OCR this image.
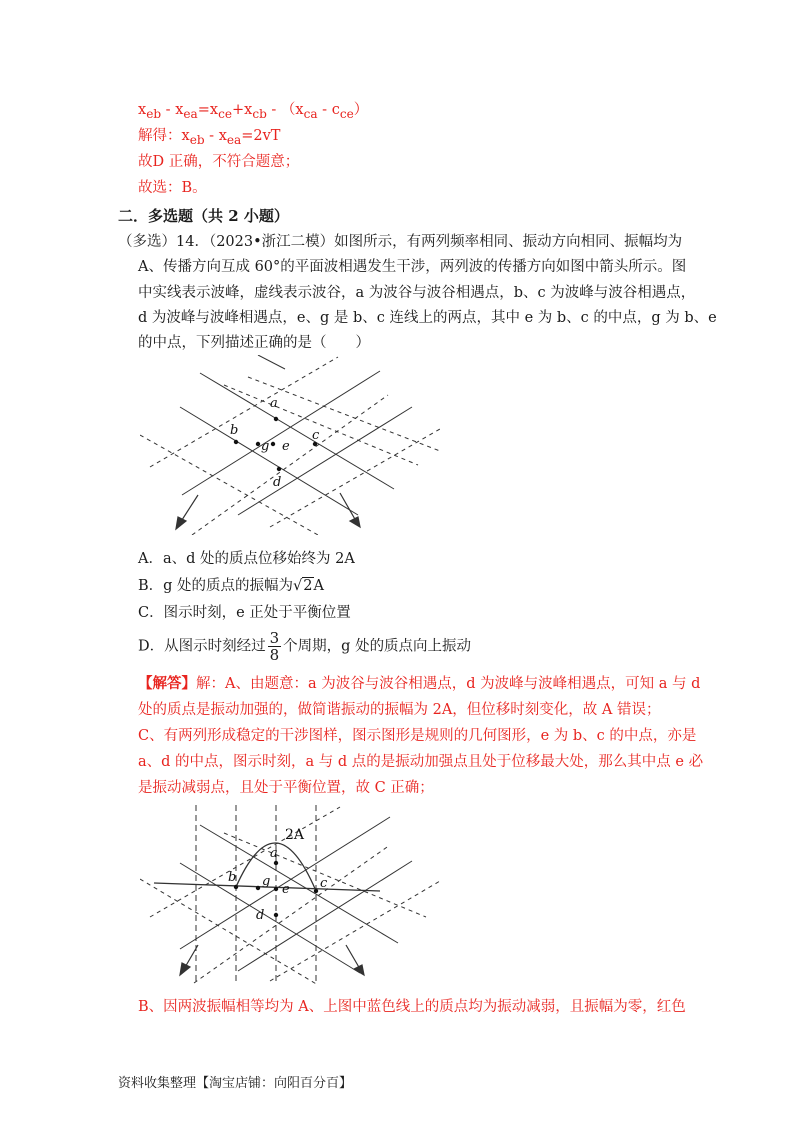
$x_{eb} - x_{ea}=x_{ce}+x_{cb} - (x_{ca} - c_{ce})$
解得：$x_{eb} - x_{ea}=2vT$
故D 正确，不符合题意；
故选：B。
二．多选题（共 2 小题）
（多选）14．（2023•浙江二模）如图所示，有两列频率相同、振动方向相同、振幅均为
A、传播方向互成 60°的平面波相遇发生干涉，两列波的传播方向如图中箭头所示。图
中实线表示波峰，虚线表示波谷，a 为波谷与波谷相遇点，b、c 为波峰与波谷相遇点，
d 为波峰与波峰相遇点，e、g 是 b、c 连线上的两点，其中 e 为 b、c 的中点，g 为 b、e
的中点，下列描述正确的是（　　）
a
b
g e
c
d
A．a、d 处的质点位移始终为 2A
B．g 处的质点的振幅为√2A
C．图示时刻，e 正处于平衡位置
D．从图示时刻经过 $\frac{3}{8}$ 个周期，g 处的质点向上振动
【解答】解：A、由题意：a 为波谷与波谷相遇点，d 为波峰与波峰相遇点，可知 a 与 d
处的质点是振动加强的，做简谐振动的振幅为 2A，但位移时刻变化，故 A 错误；
C、有两列形成稳定的干涉图样，图示图形是规则的几何图形，e 为 b、c 的中点，亦是
a、d 的中点，图示时刻，a 与 d 点的是振动加强点且处于位移最大处，那么其中点 e 必
是振动减弱点，且处于平衡位置，故 C 正确；
2A
a
b g
e c
d
B、因两波振幅相等均为 A、上图中蓝色线上的质点均为振动减弱，且振幅为零，红色
资料收集整理【淘宝店铺：向阳百分百】
